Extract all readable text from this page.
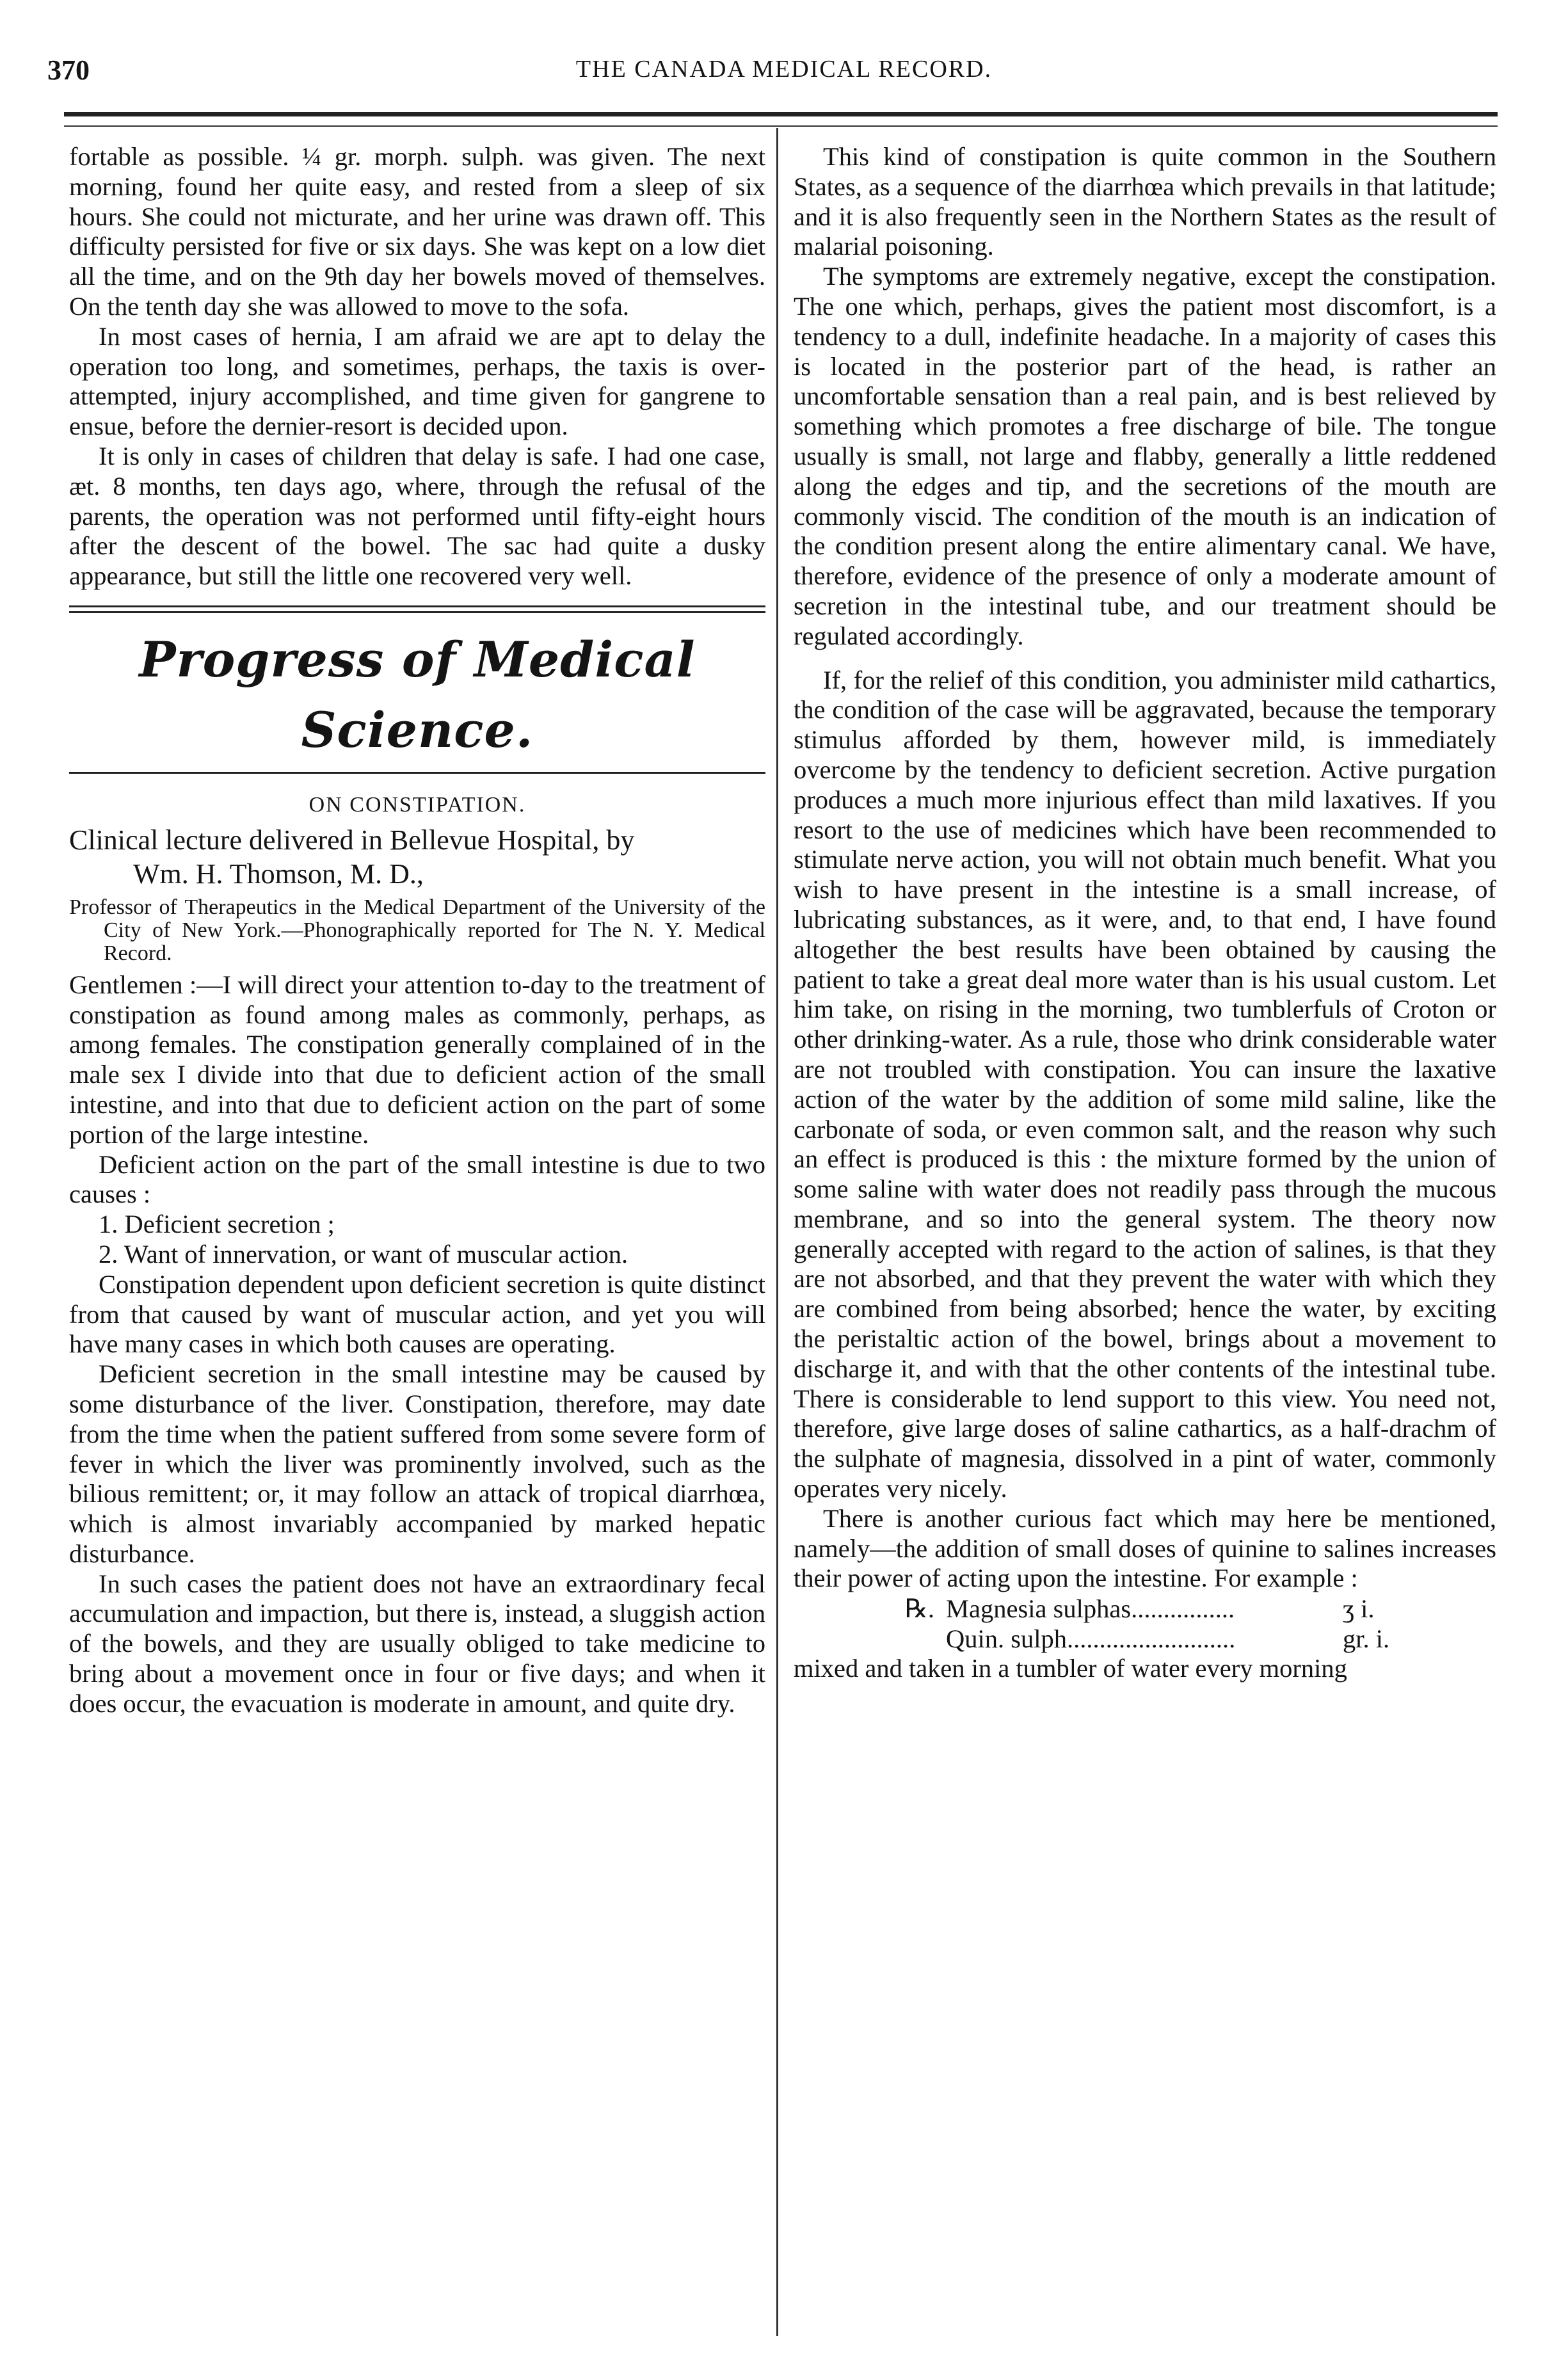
370	THE CANADA MEDICAL RECORD.

fortable as possible. ¼ gr. morph. sulph. was given. The next morning, found her quite easy, and rested from a sleep of six hours. She could not micturate, and her urine was drawn off. This difficulty persisted for five or six days. She was kept on a low diet all the time, and on the 9th day her bowels moved of themselves. On the tenth day she was allowed to move to the sofa.

In most cases of hernia, I am afraid we are apt to delay the operation too long, and sometimes, perhaps, the taxis is over-attempted, injury accomplished, and time given for gangrene to ensue, before the dernier-resort is decided upon.

It is only in cases of children that delay is safe. I had one case, æt. 8 months, ten days ago, where, through the refusal of the parents, the operation was not performed until fifty-eight hours after the descent of the bowel. The sac had quite a dusky appearance, but still the little one recovered very well.

Progress of Medical Science.
ON CONSTIPATION.
Clinical lecture delivered in Bellevue Hospital, by
Wm. H. Thomson, M. D.,
Professor of Therapeutics in the Medical Department of the University of the City of New York.—Phonographically reported for The N. Y. Medical Record.

Gentlemen :—I will direct your attention to-day to the treatment of constipation as found among males as commonly, perhaps, as among females. The constipation generally complained of in the male sex I divide into that due to deficient action of the small intestine, and into that due to deficient action on the part of some portion of the large intestine.

Deficient action on the part of the small intestine is due to two causes :

1. Deficient secretion ;

2. Want of innervation, or want of muscular action.

Constipation dependent upon deficient secretion is quite distinct from that caused by want of muscular action, and yet you will have many cases in which both causes are operating.

Deficient secretion in the small intestine may be caused by some disturbance of the liver. Constipation, therefore, may date from the time when the patient suffered from some severe form of fever in which the liver was prominently involved, such as the bilious remittent; or, it may follow an attack of tropical diarrhœa, which is almost invariably accompanied by marked hepatic disturbance.

In such cases the patient does not have an extraordinary fecal accumulation and impaction, but there is, instead, a sluggish action of the bowels, and they are usually obliged to take medicine to bring about a movement once in four or five days; and when it does occur, the evacuation is moderate in amount, and quite dry.

This kind of constipation is quite common in the Southern States, as a sequence of the diarrhœa which prevails in that latitude; and it is also frequently seen in the Northern States as the result of malarial poisoning.

The symptoms are extremely negative, except the constipation. The one which, perhaps, gives the patient most discomfort, is a tendency to a dull, indefinite headache. In a majority of cases this is located in the posterior part of the head, is rather an uncomfortable sensation than a real pain, and is best relieved by something which promotes a free discharge of bile. The tongue usually is small, not large and flabby, generally a little reddened along the edges and tip, and the secretions of the mouth are commonly viscid. The condition of the mouth is an indication of the condition present along the entire alimentary canal. We have, therefore, evidence of the presence of only a moderate amount of secretion in the intestinal tube, and our treatment should be regulated accordingly.

If, for the relief of this condition, you administer mild cathartics, the condition of the case will be aggravated, because the temporary stimulus afforded by them, however mild, is immediately overcome by the tendency to deficient secretion. Active purgation produces a much more injurious effect than mild laxatives. If you resort to the use of medicines which have been recommended to stimulate nerve action, you will not obtain much benefit. What you wish to have present in the intestine is a small increase, of lubricating substances, as it were, and, to that end, I have found altogether the best results have been obtained by causing the patient to take a great deal more water than is his usual custom. Let him take, on rising in the morning, two tumblerfuls of Croton or other drinking-water. As a rule, those who drink considerable water are not troubled with constipation. You can insure the laxative action of the water by the addition of some mild saline, like the carbonate of soda, or even common salt, and the reason why such an effect is produced is this : the mixture formed by the union of some saline with water does not readily pass through the mucous membrane, and so into the general system. The theory now generally accepted with regard to the action of salines, is that they are not absorbed, and that they prevent the water with which they are combined from being absorbed; hence the water, by exciting the peristaltic action of the bowel, brings about a movement to discharge it, and with that the other contents of the intestinal tube. There is considerable to lend support to this view. You need not, therefore, give large doses of saline cathartics, as a half-drachm of the sulphate of magnesia, dissolved in a pint of water, commonly operates very nicely.

There is another curious fact which may here be mentioned, namely—the addition of small doses of quinine to salines increases their power of acting upon the intestine. For example :

℞. Magnesia sulphas................	ʒ i.
Quin. sulph..........................	gr. i.

mixed and taken in a tumbler of water every morning
